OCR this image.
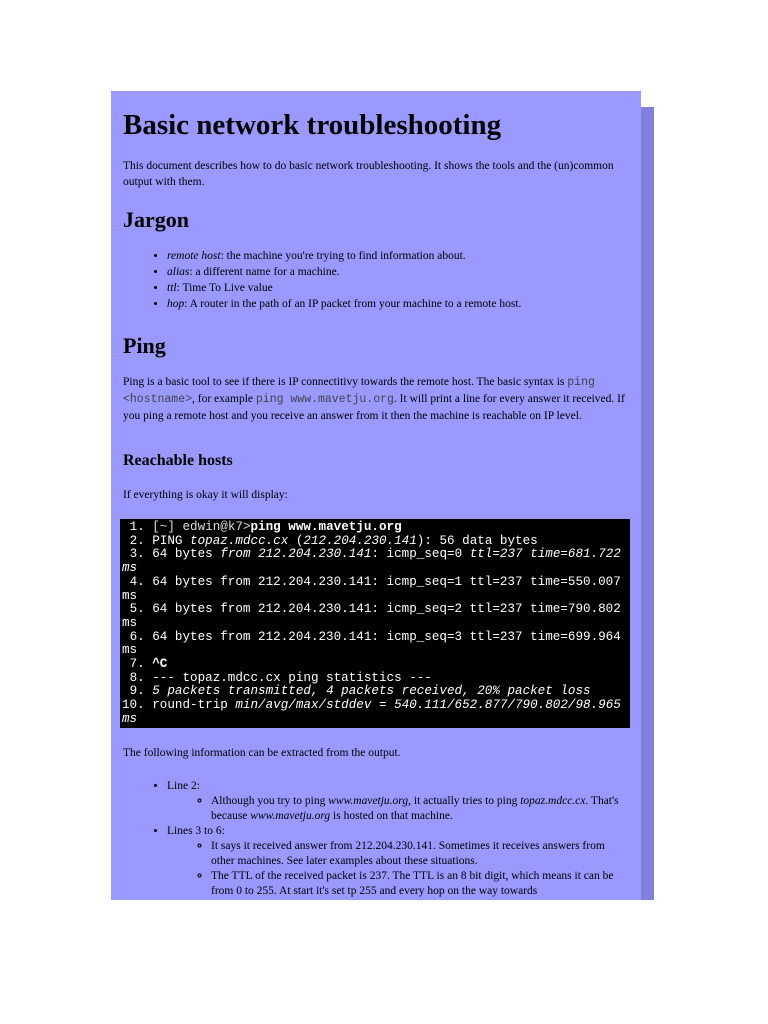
Basic network troubleshooting

This document describes how to do basic network troubleshooting. It shows the tools and the (un)common output with them.

Jargon
• remote host: the machine you're trying to find information about.
• alias: a different name for a machine.
• ttl: Time To Live value
• hop: A router in the path of an IP packet from your machine to a remote host.
Ping

Ping is a basic tool to see if there is IP connectitivy towards the remote host. The basic syntax is ping <hostname>, for example ping www.mavetju.org. It will print a line for every answer it received. If you ping a remote host and you receive an answer from it then the machine is reachable on IP level.

Reachable hosts

If everything is okay it will display:

1. [~] edwin@k7>ping www.mavetju.org
2. PING topaz.mdcc.cx (212.204.230.141): 56 data bytes
3. 64 bytes from 212.204.230.141: icmp_seq=0 ttl=237 time=681.722 ms
4. 64 bytes from 212.204.230.141: icmp_seq=1 ttl=237 time=550.007 ms
5. 64 bytes from 212.204.230.141: icmp_seq=2 ttl=237 time=790.802 ms
6. 64 bytes from 212.204.230.141: icmp_seq=3 ttl=237 time=699.964 ms
7. ^C
8. --- topaz.mdcc.cx ping statistics ---
9. 5 packets transmitted, 4 packets received, 20% packet loss
10. round-trip min/avg/max/stddev = 540.111/652.877/790.802/98.965 ms

The following information can be extracted from the output.

• Line 2:
◦ Although you try to ping www.mavetju.org, it actually tries to ping topaz.mdcc.cx. That's because www.mavetju.org is hosted on that machine.
• Lines 3 to 6:
◦ It says it received answer from 212.204.230.141. Sometimes it receives answers from other machines. See later examples about these situations.
◦ The TTL of the received packet is 237. The TTL is an 8 bit digit, which means it can be from 0 to 255. At start it's set tp 255 and every hop on the way towards
